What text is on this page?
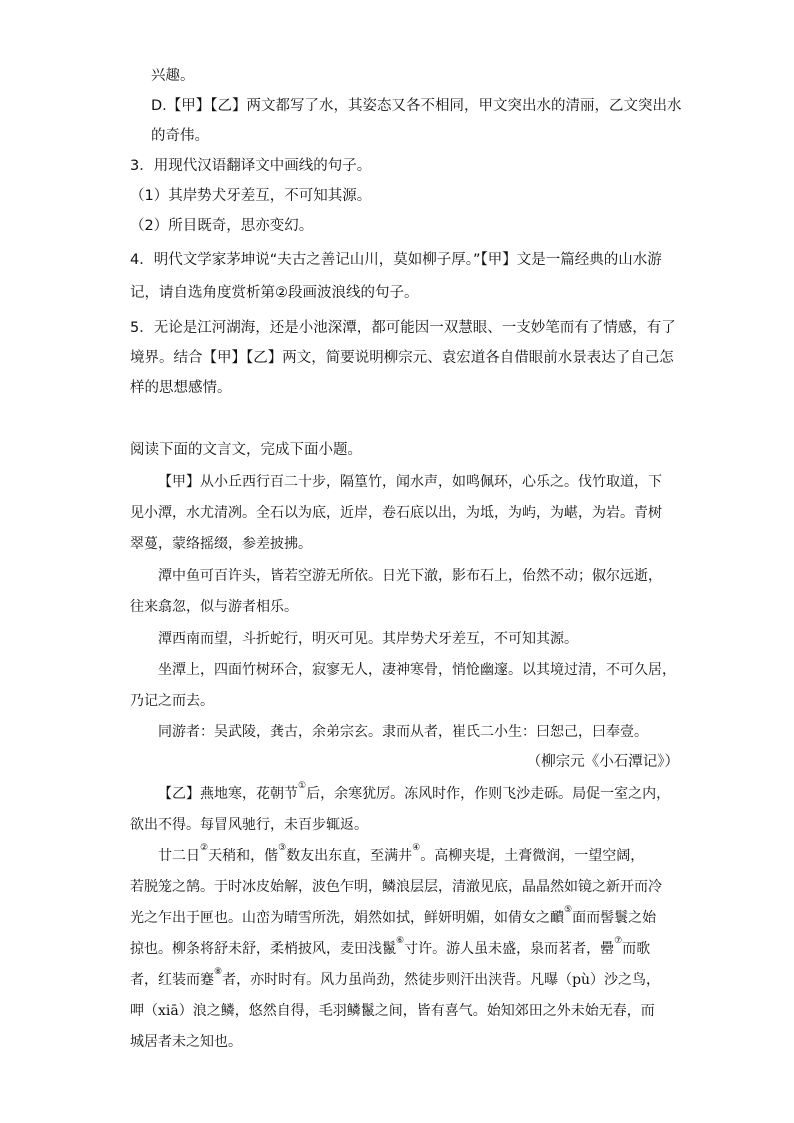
兴趣。
D.【甲】【乙】两文都写了水，其姿态又各不相同，甲文突出水的清丽，乙文突出水
的奇伟。
3．用现代汉语翻译文中画线的句子。
（1）其岸势犬牙差互，不可知其源。
（2）所目既奇，思亦变幻。
4．明代文学家茅坤说“夫古之善记山川，莫如柳子厚。”【甲】文是一篇经典的山水游
记，请自选角度赏析第②段画波浪线的句子。
5．无论是江河湖海，还是小池深潭，都可能因一双慧眼、一支妙笔而有了情感，有了
境界。结合【甲】【乙】两文，简要说明柳宗元、袁宏道各自借眼前水景表达了自己怎
样的思想感情。
阅读下面的文言文，完成下面小题。
【甲】从小丘西行百二十步，隔篁竹，闻水声，如鸣佩环，心乐之。伐竹取道，下
见小潭，水尤清冽。全石以为底，近岸，卷石底以出，为坻，为屿，为嵁，为岩。青树
翠蔓，蒙络摇缀，参差披拂。
潭中鱼可百许头，皆若空游无所依。日光下澈，影布石上，佁然不动；俶尔远逝，
往来翕忽，似与游者相乐。
潭西南而望，斗折蛇行，明灭可见。其岸势犬牙差互，不可知其源。
坐潭上，四面竹树环合，寂寥无人，凄神寒骨，悄怆幽邃。以其境过清，不可久居，
乃记之而去。
同游者：吴武陵，龚古，余弟宗玄。隶而从者，崔氏二小生：曰恕己，曰奉壹。
（柳宗元《小石潭记》）
【乙】燕地寒，花朝节①后，余寒犹厉。冻风时作，作则飞沙走砾。局促一室之内，
欲出不得。每冒风驰行，未百步辄返。
廿二日②天稍和，偕③数友出东直，至满井④。高柳夹堤，土膏微润，一望空阔，
若脱笼之鹄。于时冰皮始解，波色乍明，鳞浪层层，清澈见底，晶晶然如镜之新开而冷
光之乍出于匣也。山峦为晴雪所洗，娟然如拭，鲜妍明媚，如倩女之靧⑤面而髻鬟之始
掠也。柳条将舒未舒，柔梢披风，麦田浅鬣⑥寸许。游人虽未盛，泉而茗者，罍⑦而歌
者，红装而蹇⑧者，亦时时有。风力虽尚劲，然徒步则汗出浃背。凡曝（pù）沙之鸟，
呷（xiā）浪之鳞，悠然自得，毛羽鳞鬣之间，皆有喜气。始知郊田之外未始无春，而
城居者未之知也。
